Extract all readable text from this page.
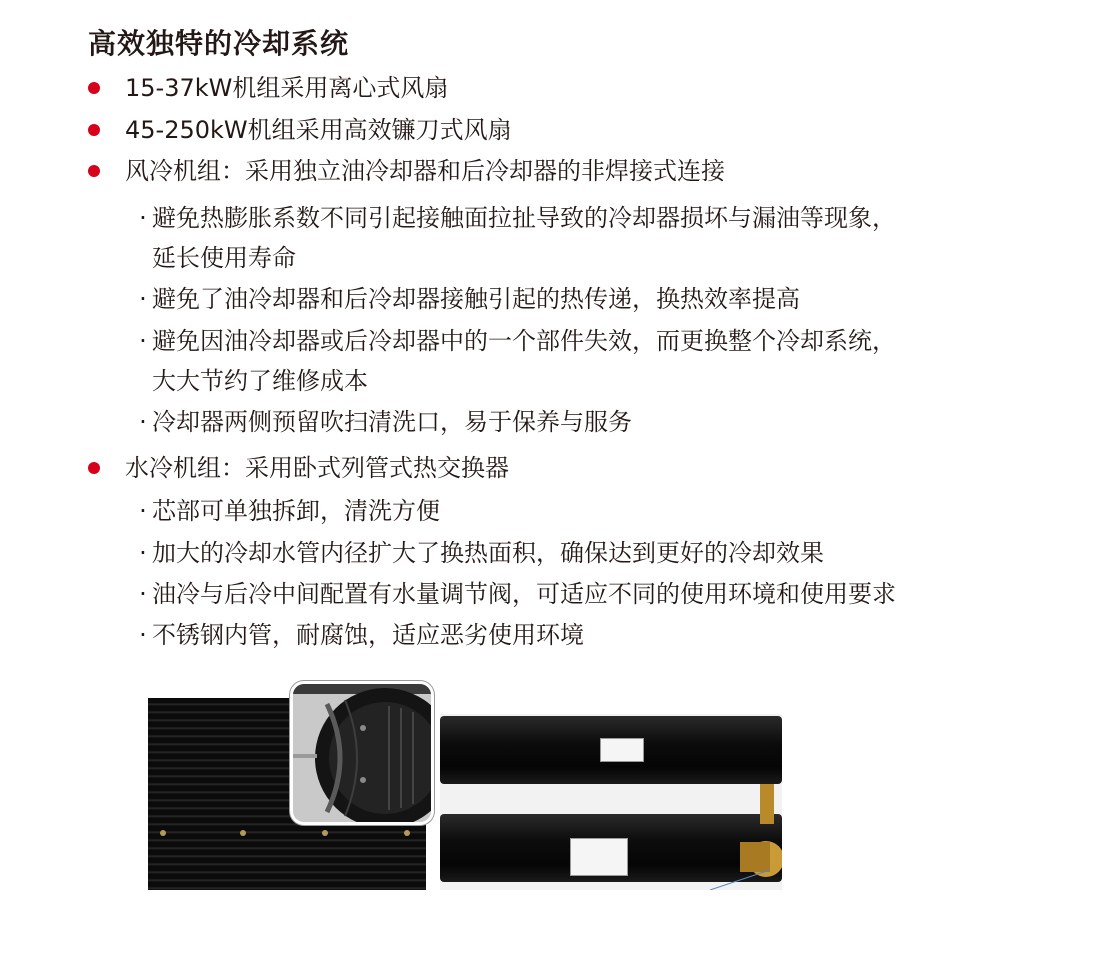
高效独特的冷却系统
15-37kW机组采用离心式风扇
45-250kW机组采用高效镰刀式风扇
风冷机组：采用独立油冷却器和后冷却器的非焊接式连接
· 避免热膨胀系数不同引起接触面拉扯导致的冷却器损坏与漏油等现象，
延长使用寿命
· 避免了油冷却器和后冷却器接触引起的热传递，换热效率提高
· 避免因油冷却器或后冷却器中的一个部件失效，而更换整个冷却系统，
大大节约了维修成本
· 冷却器两侧预留吹扫清洗口，易于保养与服务
水冷机组：采用卧式列管式热交换器
· 芯部可单独拆卸，清洗方便
· 加大的冷却水管内径扩大了换热面积，确保达到更好的冷却效果
· 油冷与后冷中间配置有水量调节阀，可适应不同的使用环境和使用要求
· 不锈钢内管，耐腐蚀，适应恶劣使用环境
